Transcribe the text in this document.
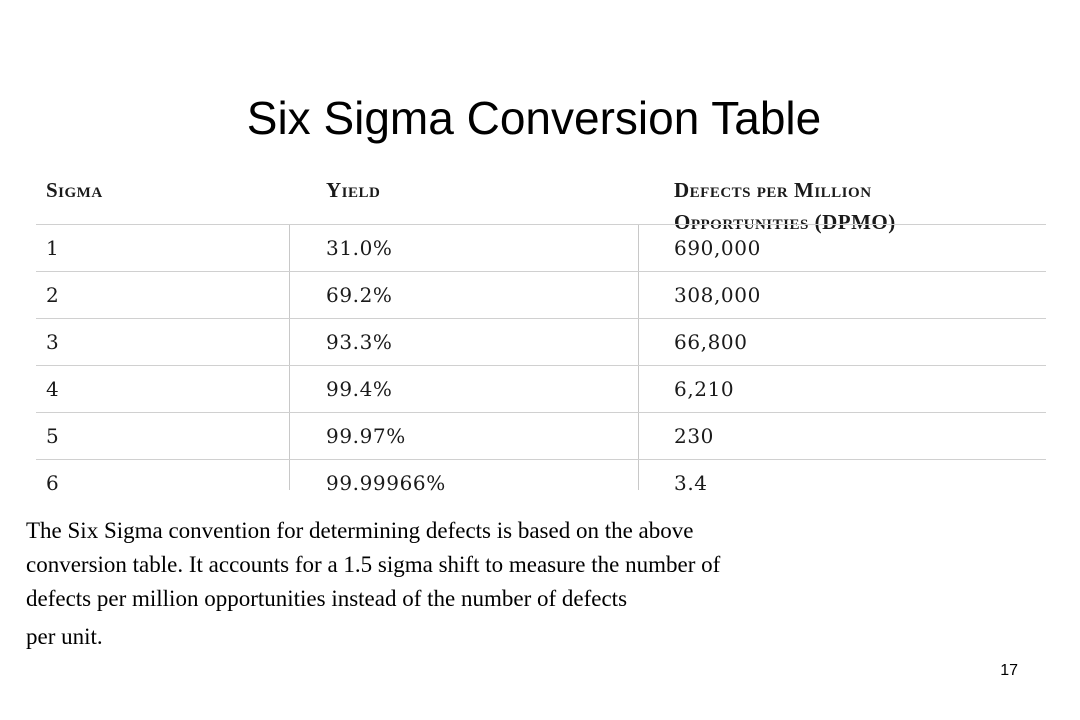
Six Sigma Conversion Table
Sigma	Yield	Defects per Million
Opportunities (DPMO)
1	31.0%	690,000
2	69.2%	308,000
3	93.3%	66,800
4	99.4%	6,210
5	99.97%	230
6	99.99966%	3.4

The Six Sigma convention for determining defects is based on the above
conversion table. It accounts for a 1.5 sigma shift to measure the number of
defects per million opportunities instead of the number of defects
per unit.

17
